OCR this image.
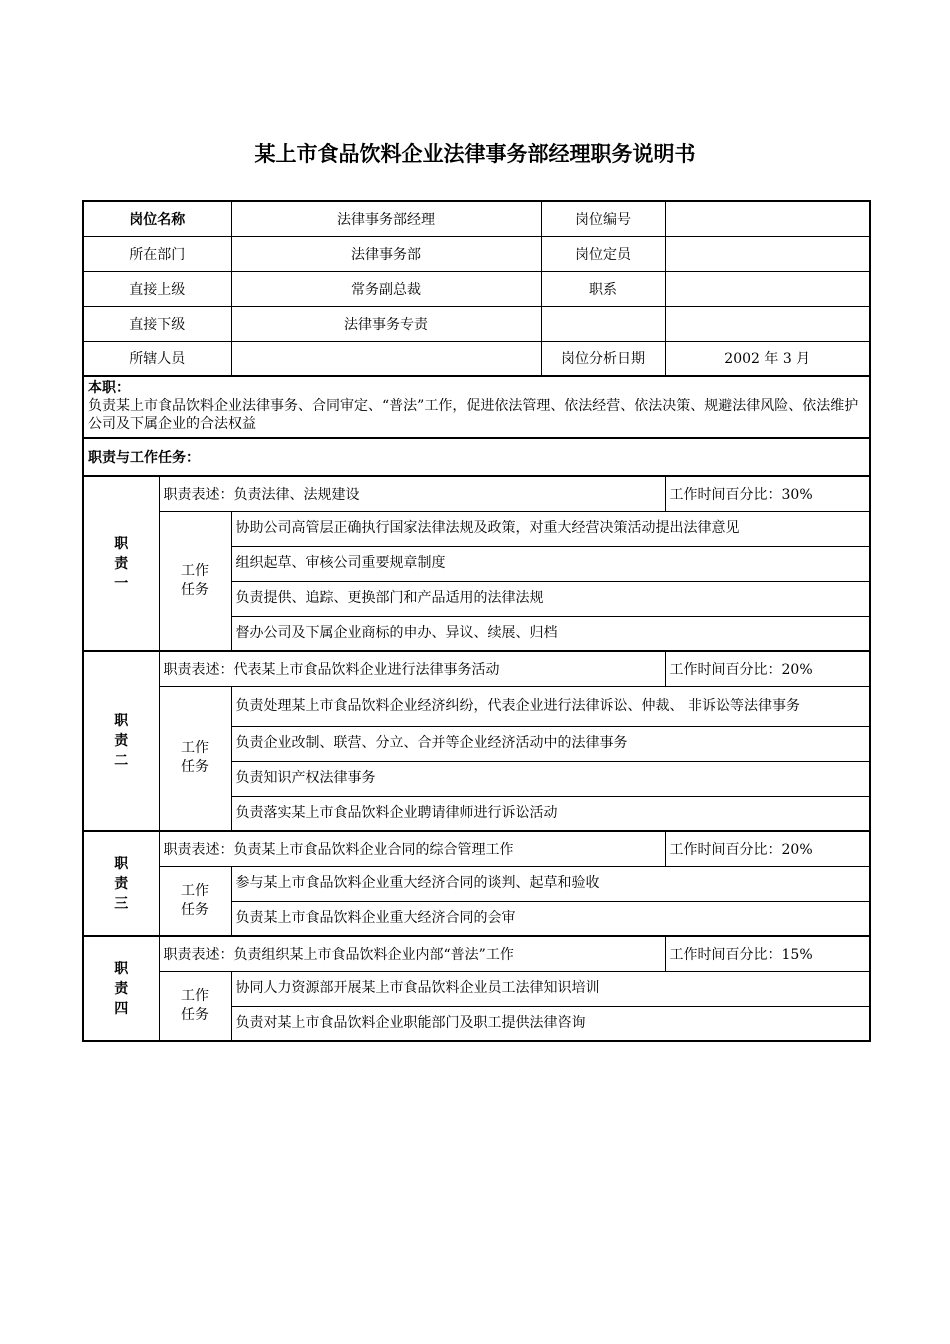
某上市食品饮料企业法律事务部经理职务说明书
岗位名称		法律事务部经理	岗位编号	
所在部门		法律事务部	岗位定员	
直接上级		常务副总裁	职系	
直接下级		法律事务专责		
所辖人员			岗位分析日期	2002 年 3 月

本职：
负责某上市食品饮料企业法律事务、合同审定、“普法”工作，促进依法管理、依法经营、依法决策、规避法律风险、依法维护公司及下属企业的合法权益				

职责与工作任务：				

职
责
一	职责表述：负责法律、法规建设			工作时间百分比：30%

	工作
任务	协助公司高管层正确执行国家法律法规及政策，对重大经营决策活动提出法律意见		
		组织起草、审核公司重要规章制度		
		负责提供、追踪、更换部门和产品适用的法律法规		
		督办公司及下属企业商标的申办、异议、续展、归档		

职
责
二	职责表述：代表某上市食品饮料企业进行法律事务活动			工作时间百分比：20%

	工作
任务	负责处理某上市食品饮料企业经济纠纷，代表企业进行法律诉讼、仲裁、 非诉讼等法律事务		
		负责企业改制、联营、分立、合并等企业经济活动中的法律事务		
		负责知识产权法律事务		
		负责落实某上市食品饮料企业聘请律师进行诉讼活动		

职
责
三	职责表述：负责某上市食品饮料企业合同的综合管理工作			工作时间百分比：20%

	工作
任务	参与某上市食品饮料企业重大经济合同的谈判、起草和验收		
		负责某上市食品饮料企业重大经济合同的会审		

职
责
四	职责表述：负责组织某上市食品饮料企业内部“普法”工作			工作时间百分比：15%

	工作
任务	协同人力资源部开展某上市食品饮料企业员工法律知识培训		
		负责对某上市食品饮料企业职能部门及职工提供法律咨询		
